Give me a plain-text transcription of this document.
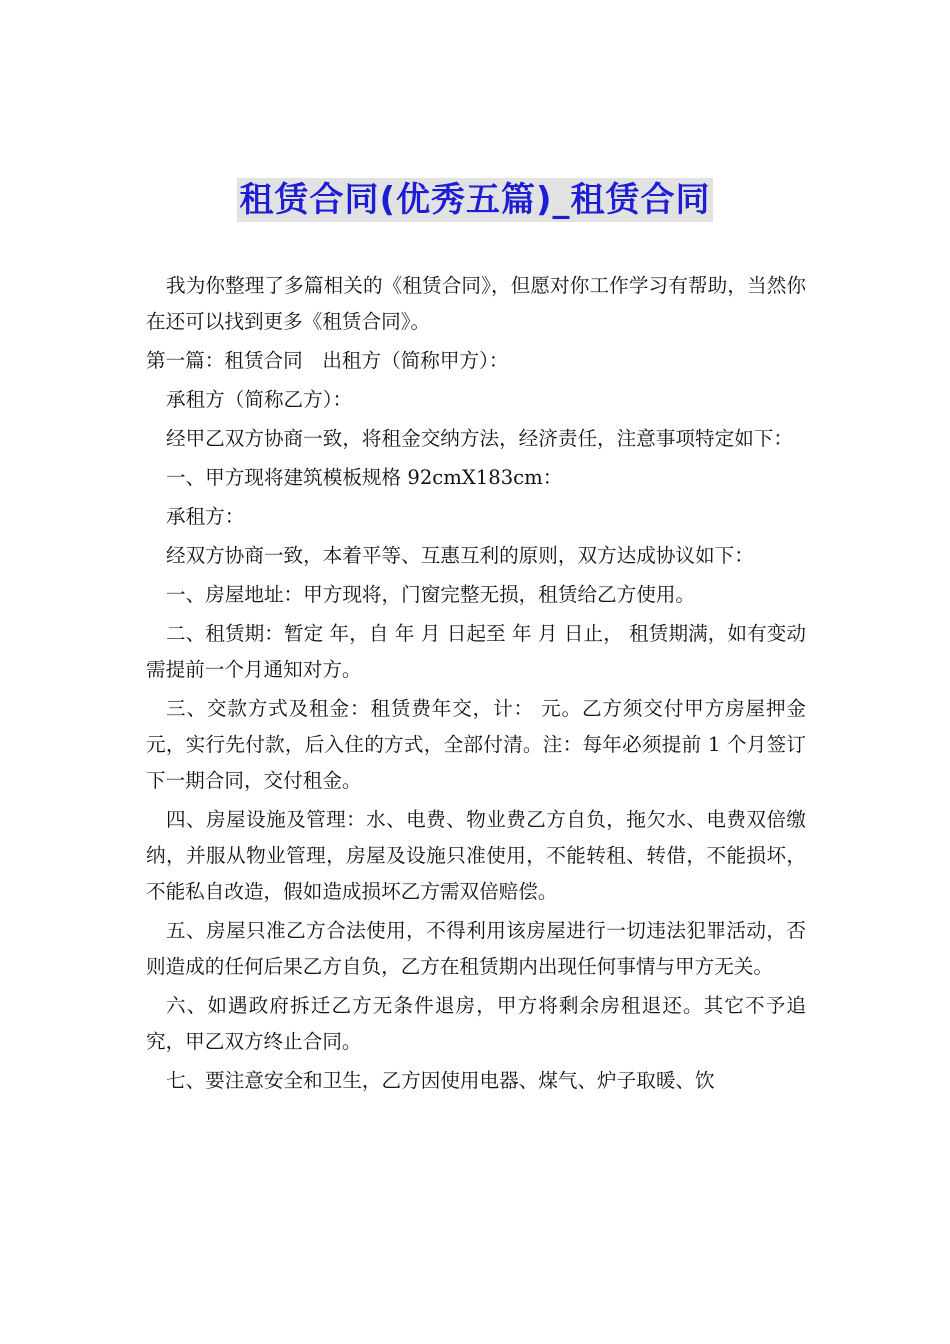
租赁合同(优秀五篇)_租赁合同

我为你整理了多篇相关的《租赁合同》，但愿对你工作学习有帮助，当然你在还可以找到更多《租赁合同》。

第一篇：租赁合同　出租方（简称甲方）：

承租方（简称乙方）：

经甲乙双方协商一致，将租金交纳方法，经济责任，注意事项特定如下：

一、甲方现将建筑模板规格 92cmX183cm：

承租方：

经双方协商一致，本着平等、互惠互利的原则，双方达成协议如下：

一、房屋地址：甲方现将，门窗完整无损，租赁给乙方使用。

二、租赁期：暂定 年，自 年 月 日起至 年 月 日止， 租赁期满，如有变动需提前一个月通知对方。

三、交款方式及租金：租赁费年交，计： 元。乙方须交付甲方房屋押金 元，实行先付款，后入住的方式，全部付清。注：每年必须提前 1 个月签订下一期合同，交付租金。

四、房屋设施及管理：水、电费、物业费乙方自负，拖欠水、电费双倍缴纳，并服从物业管理，房屋及设施只准使用，不能转租、转借，不能损坏，不能私自改造，假如造成损坏乙方需双倍赔偿。

五、房屋只准乙方合法使用，不得利用该房屋进行一切违法犯罪活动，否则造成的任何后果乙方自负，乙方在租赁期内出现任何事情与甲方无关。

六、如遇政府拆迁乙方无条件退房，甲方将剩余房租退还。其它不予追究，甲乙双方终止合同。

七、要注意安全和卫生，乙方因使用电器、煤气、炉子取暖、饮
